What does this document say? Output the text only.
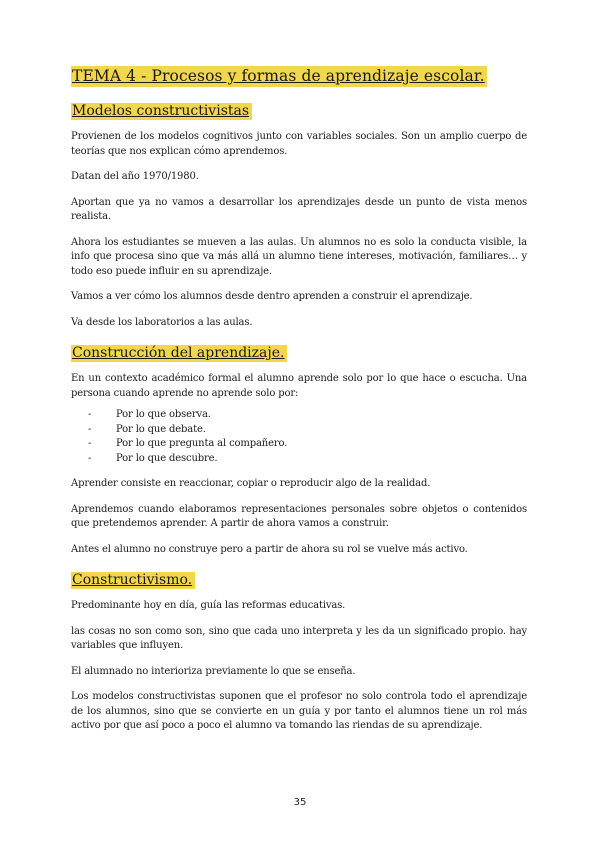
TEMA 4 - Procesos y formas de aprendizaje escolar.
Modelos constructivistas

Provienen de los modelos cognitivos junto con variables sociales. Son un amplio cuerpo de teorías que nos explican cómo aprendemos.

Datan del año 1970/1980.

Aportan que ya no vamos a desarrollar los aprendizajes desde un punto de vista menos realista.

Ahora los estudiantes se mueven a las aulas. Un alumnos no es solo la conducta visible, la info que procesa sino que va más allá un alumno tiene intereses, motivación, familiares… y todo eso puede influir en su aprendizaje.

Vamos a ver cómo los alumnos desde dentro aprenden a construir el aprendizaje.

Va desde los laboratorios a las aulas.

Construcción del aprendizaje.

En un contexto académico formal el alumno aprende solo por lo que hace o escucha. Una persona cuando aprende no aprende solo por:

-	Por lo que observa.
-	Por lo que debate.
-	Por lo que pregunta al compañero.
-	Por lo que descubre.

Aprender consiste en reaccionar, copiar o reproducir algo de la realidad.

Aprendemos cuando elaboramos representaciones personales sobre objetos o contenidos que pretendemos aprender. A partir de ahora vamos a construir.

Antes el alumno no construye pero a partir de ahora su rol se vuelve más activo.

Constructivismo.

Predominante hoy en día, guía las reformas educativas.

las cosas no son como son, sino que cada uno interpreta y les da un significado propio. hay variables que influyen.

El alumnado no interioriza previamente lo que se enseña.

Los modelos constructivistas suponen que el profesor no solo controla todo el aprendizaje de los alumnos, sino que se convierte en un guía y por tanto el alumnos tiene un rol más activo por que así poco a poco el alumno va tomando las riendas de su aprendizaje.

35
